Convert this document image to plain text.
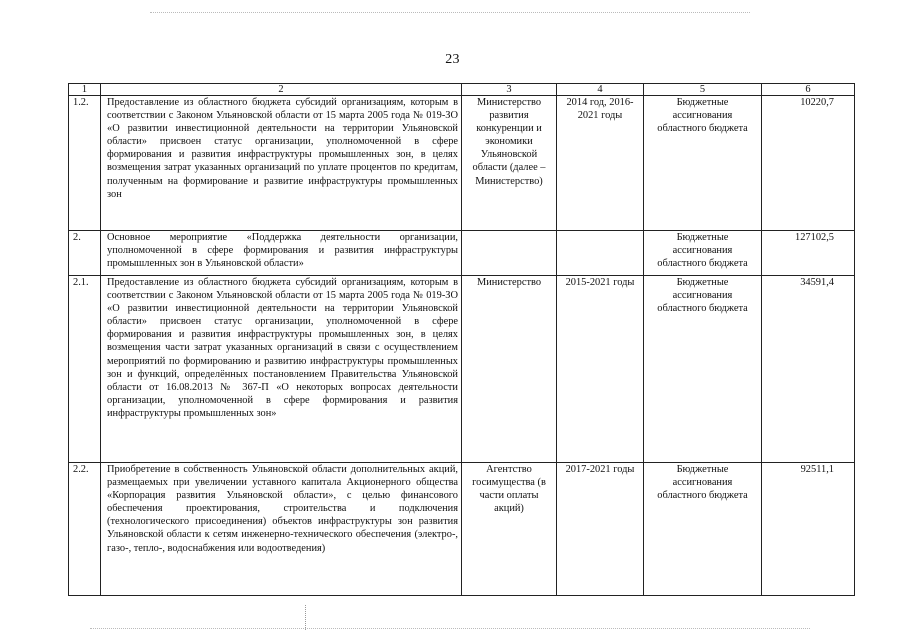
23
1	2	3	4	5	6
1.2.	Предоставление из областного бюджета субсидий организациям, которым в соответствии с Законом Ульяновской области от 15 марта 2005 года № 019-ЗО «О развитии инвестиционной деятельности на территории Ульяновской области» присвоен статус организации, уполномоченной в сфере формирования и развития инфраструктуры промышленных зон, в целях возмещения затрат указанных организаций по уплате процентов по кредитам, полученным на формирование и развитие инфраструктуры промышленных зон	Министерство развития конкуренции и экономики Ульяновской области (далее – Министерство)	2014 год, 2016-2021 годы	Бюджетные ассигнования областного бюджета	10220,7
2.	Основное мероприятие «Поддержка деятельности организации, уполномоченной в сфере формирования и развития инфраструктуры промышленных зон в Ульяновской области»			Бюджетные ассигнования областного бюджета	127102,5
2.1.	Предоставление из областного бюджета субсидий организациям, которым в соответствии с Законом Ульяновской области от 15 марта 2005 года № 019-ЗО «О развитии инвестиционной деятельности на территории Ульяновской области» присвоен статус организации, уполномоченной в сфере формирования и развития инфраструктуры промышленных зон, в целях возмещения части затрат указанных организаций в связи с осуществлением мероприятий по формированию и развитию инфраструктуры промышленных зон и функций, определённых постановлением Правительства Ульяновской области от 16.08.2013 № 367-П «О некоторых вопросах деятельности организации, уполномоченной в сфере формирования и развития инфраструктуры промышленных зон»	Министерство	2015-2021 годы	Бюджетные ассигнования областного бюджета	34591,4
2.2.	Приобретение в собственность Ульяновской области дополнительных акций, размещаемых при увеличении уставного капитала Акционерного общества «Корпорация развития Ульяновской области», с целью финансового обеспечения проектирования, строительства и подключения (технологического присоединения) объектов инфраструктуры зон развития Ульяновской области к сетям инженерно-технического обеспечения (электро-, газо-, тепло-, водоснабжения или водоотведения)	Агентство госимущества (в части оплаты акций)	2017-2021 годы	Бюджетные ассигнования областного бюджета	92511,1
